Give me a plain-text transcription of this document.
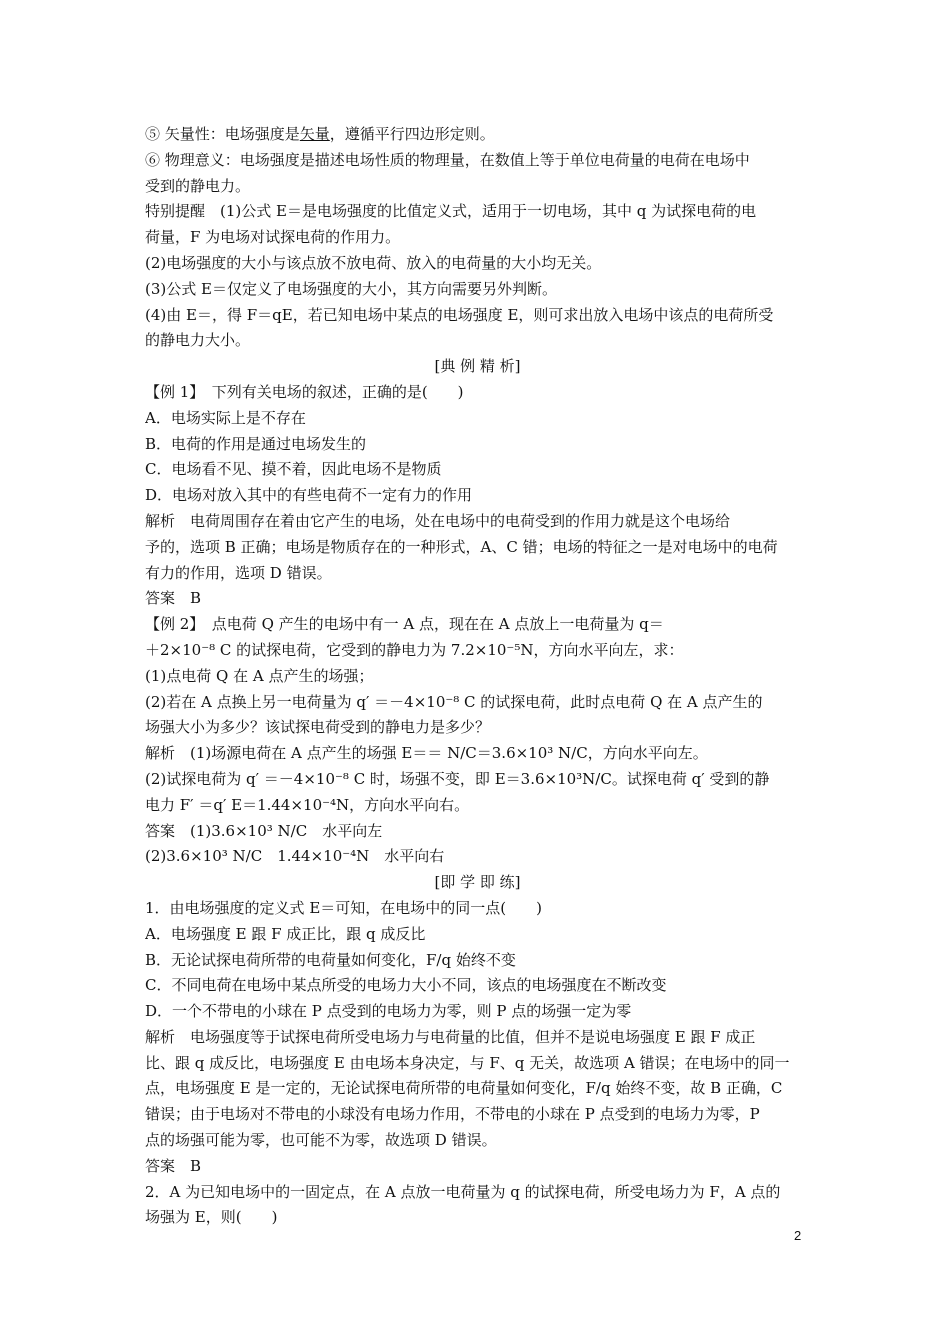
⑤ 矢量性：电场强度是矢量，遵循平行四边形定则。
⑥ 物理意义：电场强度是描述电场性质的物理量，在数值上等于单位电荷量的电荷在电场中
受到的静电力。
特别提醒　(1)公式 E＝是电场强度的比值定义式，适用于一切电场，其中 q 为试探电荷的电
荷量，F 为电场对试探电荷的作用力。
(2)电场强度的大小与该点放不放电荷、放入的电荷量的大小均无关。
(3)公式 E＝仅定义了电场强度的大小，其方向需要另外判断。
(4)由 E＝，得 F＝qE，若已知电场中某点的电场强度 E，则可求出放入电场中该点的电荷所受
的静电力大小。
[典 例 精 析]
【例 1】　下列有关电场的叙述，正确的是(　　)
A．电场实际上是不存在
B．电荷的作用是通过电场发生的
C．电场看不见、摸不着，因此电场不是物质
D．电场对放入其中的有些电荷不一定有力的作用
解析　电荷周围存在着由它产生的电场，处在电场中的电荷受到的作用力就是这个电场给
予的，选项 B 正确；电场是物质存在的一种形式，A、C 错；电场的特征之一是对电场中的电荷
有力的作用，选项 D 错误。
答案　B
【例 2】　点电荷 Q 产生的电场中有一 A 点，现在在 A 点放上一电荷量为 q＝
＋2×10⁻⁸ C 的试探电荷，它受到的静电力为 7.2×10⁻⁵N，方向水平向左，求：
(1)点电荷 Q 在 A 点产生的场强；
(2)若在 A 点换上另一电荷量为 q′ ＝－4×10⁻⁸ C 的试探电荷，此时点电荷 Q 在 A 点产生的
场强大小为多少？该试探电荷受到的静电力是多少？
解析　(1)场源电荷在 A 点产生的场强 E＝＝ N/C＝3.6×10³ N/C，方向水平向左。
(2)试探电荷为 q′ ＝－4×10⁻⁸ C 时，场强不变，即 E＝3.6×10³N/C。试探电荷 q′ 受到的静
电力 F′ ＝q′ E＝1.44×10⁻⁴N，方向水平向右。
答案　(1)3.6×10³ N/C　水平向左
(2)3.6×10³ N/C　1.44×10⁻⁴N　水平向右
[即 学 即 练]
1．由电场强度的定义式 E＝可知，在电场中的同一点(　　)
A．电场强度 E 跟 F 成正比，跟 q 成反比
B．无论试探电荷所带的电荷量如何变化，F/q 始终不变
C．不同电荷在电场中某点所受的电场力大小不同，该点的电场强度在不断改变
D．一个不带电的小球在 P 点受到的电场力为零，则 P 点的场强一定为零
解析　电场强度等于试探电荷所受电场力与电荷量的比值，但并不是说电场强度 E 跟 F 成正
比、跟 q 成反比，电场强度 E 由电场本身决定，与 F、q 无关，故选项 A 错误；在电场中的同一
点，电场强度 E 是一定的，无论试探电荷所带的电荷量如何变化，F/q 始终不变，故 B 正确，C
错误；由于电场对不带电的小球没有电场力作用，不带电的小球在 P 点受到的电场力为零，P
点的场强可能为零，也可能不为零，故选项 D 错误。
答案　B
2．A 为已知电场中的一固定点，在 A 点放一电荷量为 q 的试探电荷，所受电场力为 F，A 点的
场强为 E，则(　　)
2
